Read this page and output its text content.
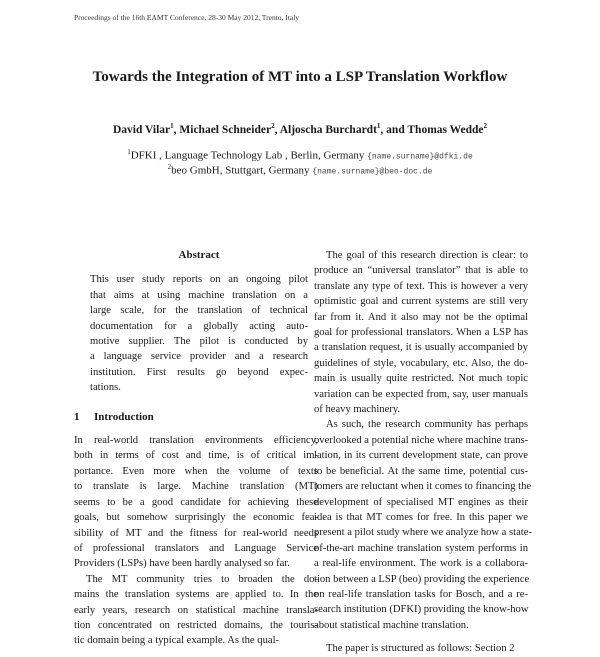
Proceedings of the 16th EAMT Conference, 28-30 May 2012, Trento, Italy
Towards the Integration of MT into a LSP Translation Workflow
David Vilar$^1$, Michael Schneider$^2$, Aljoscha Burchardt$^1$, and Thomas Wedde$^2$
$^1$DFKI , Language Technology Lab , Berlin, Germany {name.surname}@dfki.de
$^2$beo GmbH, Stuttgart, Germany {name.surname}@beo-doc.de
Abstract

This user study reports on an ongoing pilot
that aims at using machine translation on a
large scale, for the translation of technical
documentation for a globally acting auto-
motive supplier. The pilot is conducted by
a language service provider and a research
institution. First results go beyond expec-
tations.

1 Introduction

In real-world translation environments efficiency,
both in terms of cost and time, is of critical im-
portance. Even more when the volume of texts
to translate is large. Machine translation (MT)
seems to be a good candidate for achieving these
goals, but somehow surprisingly the economic fea-
sibility of MT and the fitness for real-world needs
of professional translators and Language Service
Providers (LSPs) have been hardly analysed so far.

The MT community tries to broaden the do-
mains the translation systems are applied to. In the
early years, research on statistical machine transla-
tion concentrated on restricted domains, the touris-
tic domain being a typical example. As the qual-

The goal of this research direction is clear: to
produce an “universal translator” that is able to
translate any type of text. This is however a very
optimistic goal and current systems are still very
far from it. And it also may not be the optimal
goal for professional translators. When a LSP has
a translation request, it is usually accompanied by
guidelines of style, vocabulary, etc. Also, the do-
main is usually quite restricted. Not much topic
variation can be expected from, say, user manuals
of heavy machinery.

As such, the research community has perhaps
overlooked a potential niche where machine trans-
lation, in its current development state, can prove
to be beneficial. At the same time, potential cus-
tomers are reluctant when it comes to financing the
development of specialised MT engines as their
idea is that MT comes for free. In this paper we
present a pilot study where we analyze how a state-
of-the-art machine translation system performs in
a real-life environment. The work is a collabora-
tion between a LSP (beo) providing the experience
on real-life translation tasks for Bosch, and a re-
search institution (DFKI) providing the know-how
about statistical machine translation.

The paper is structured as follows: Section 2
